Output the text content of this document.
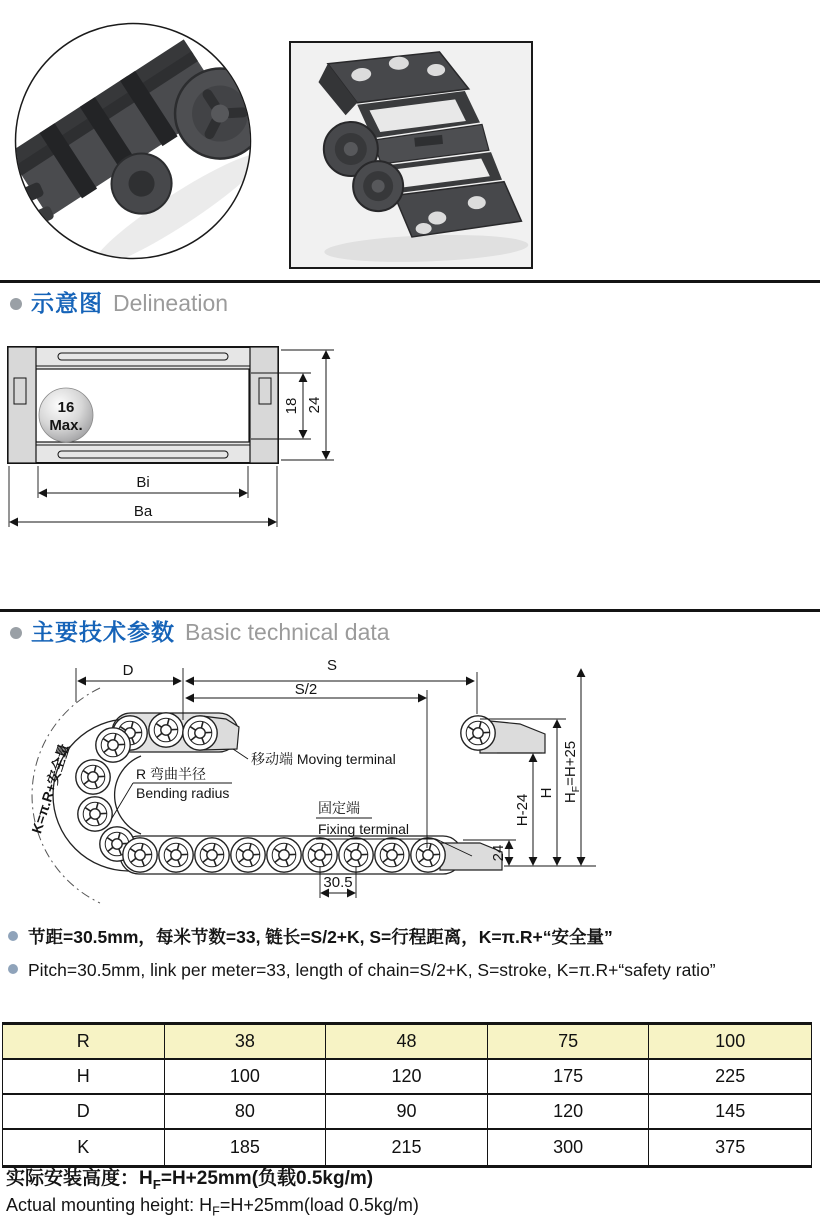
示意图 Delineation
16
Max.
18 24
Bi
Ba
主要技术参数 Basic technical data
D	S
S/2
30.5
24
H-24
H $H_F=H+25$
K=π.R+安全量	移动端 Moving terminal
R 弯曲半径
Bending radius
固定端
Fixing terminal
节距=30.5mm，每米节数=33, 链长=S/2+K, S=行程距离，K=π.R+“安全量”
Pitch=30.5mm, link per meter=33, length of chain=S/2+K, S=stroke, K=π.R+“safety ratio”
R	38	48	75	100
H	100	120	175	225
D	80	90	120	145
K	185	215	300	375
实际安装高度：$H_F=H+25mm$(负载0.5kg/m)
Actual mounting height: $H_F=H+25mm(load$ 0.5kg/m)
